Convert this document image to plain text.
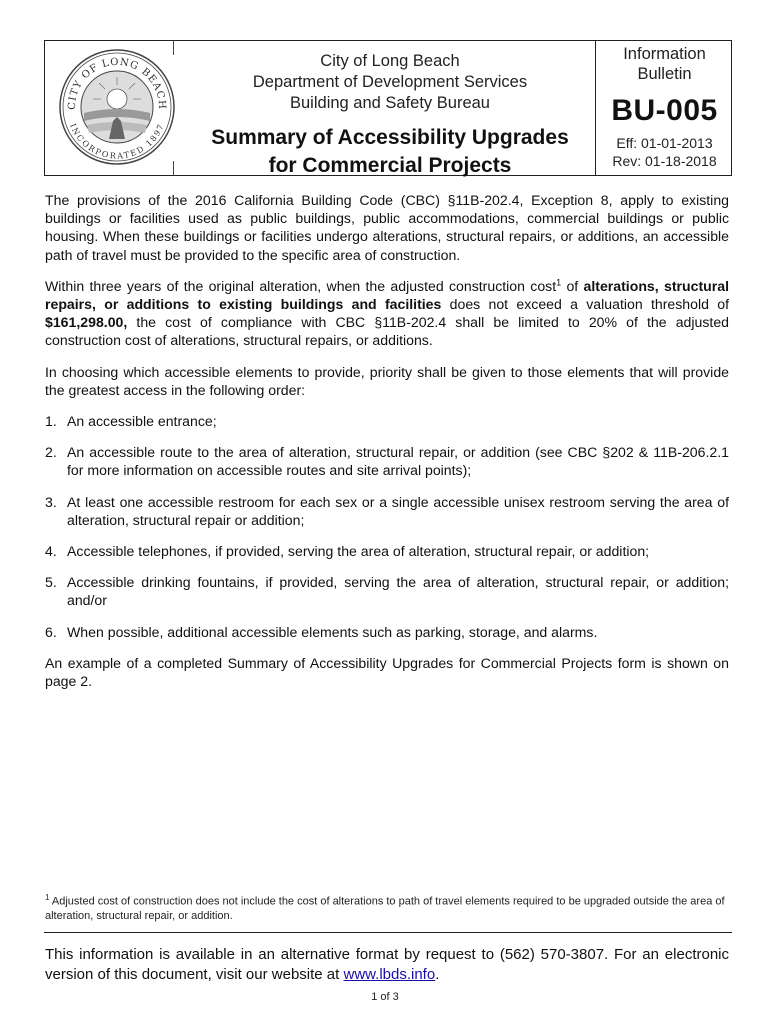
CITY OF LONG BEACH
INCORPORATED 1897
City of Long Beach
Department of Development Services
Building and Safety Bureau
Summary of Accessibility Upgrades
for Commercial Projects
Information
Bulletin
BU-005
Eff: 01-01-2013
Rev: 01-18-2018

The provisions of the 2016 California Building Code (CBC) §11B-202.4, Exception 8, apply to existing buildings or facilities used as public buildings, public accommodations, commercial buildings or public housing. When these buildings or facilities undergo alterations, structural repairs, or additions, an accessible path of travel must be provided to the specific area of construction.

Within three years of the original alteration, when the adjusted construction cost$^1$ of alterations, structural repairs, or additions to existing buildings and facilities does not exceed a valuation threshold of $161,298.00, the cost of compliance with CBC §11B-202.4 shall be limited to 20% of the adjusted construction cost of alterations, structural repairs, or additions.

In choosing which accessible elements to provide, priority shall be given to those elements that will provide the greatest access in the following order:

1. An accessible entrance;
2. An accessible route to the area of alteration, structural repair, or addition (see CBC §202 & 11B-206.2.1 for more information on accessible routes and site arrival points);
3. At least one accessible restroom for each sex or a single accessible unisex restroom serving the area of alteration, structural repair or addition;
4. Accessible telephones, if provided, serving the area of alteration, structural repair, or addition;
5. Accessible drinking fountains, if provided, serving the area of alteration, structural repair, or addition; and/or
6. When possible, additional accessible elements such as parking, storage, and alarms.

An example of a completed Summary of Accessibility Upgrades for Commercial Projects form is shown on page 2.

$^1$ Adjusted cost of construction does not include the cost of alterations to path of travel elements required to be upgraded outside the area of alteration, structural repair, or addition.
This information is available in an alternative format by request to (562) 570-3807. For an electronic version of this document, visit our website at www.lbds.info.
1 of 3
